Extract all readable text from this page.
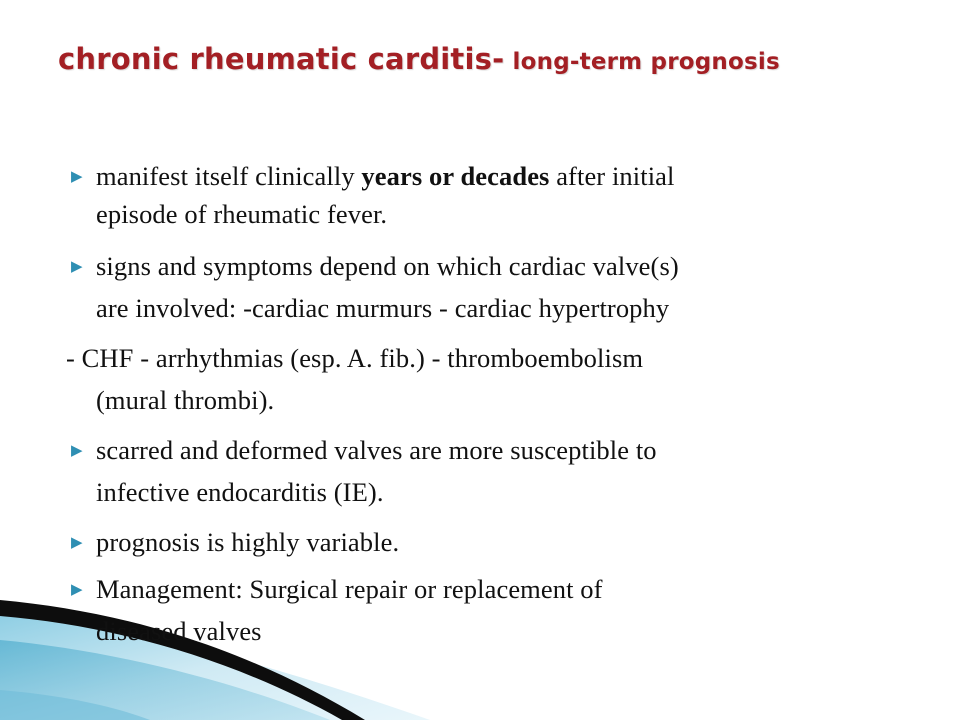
chronic rheumatic carditis- long-term prognosis
▶ manifest itself clinically years or decades after initial
episode of rheumatic fever.
▶ signs and symptoms depend on which cardiac valve(s)
are involved: -cardiac murmurs - cardiac hypertrophy
- CHF - arrhythmias (esp. A. fib.) - thromboembolism
(mural thrombi).
▶ scarred and deformed valves are more susceptible to
infective endocarditis (IE).
▶ prognosis is highly variable.
▶ Management: Surgical repair or replacement of
diseased valves
